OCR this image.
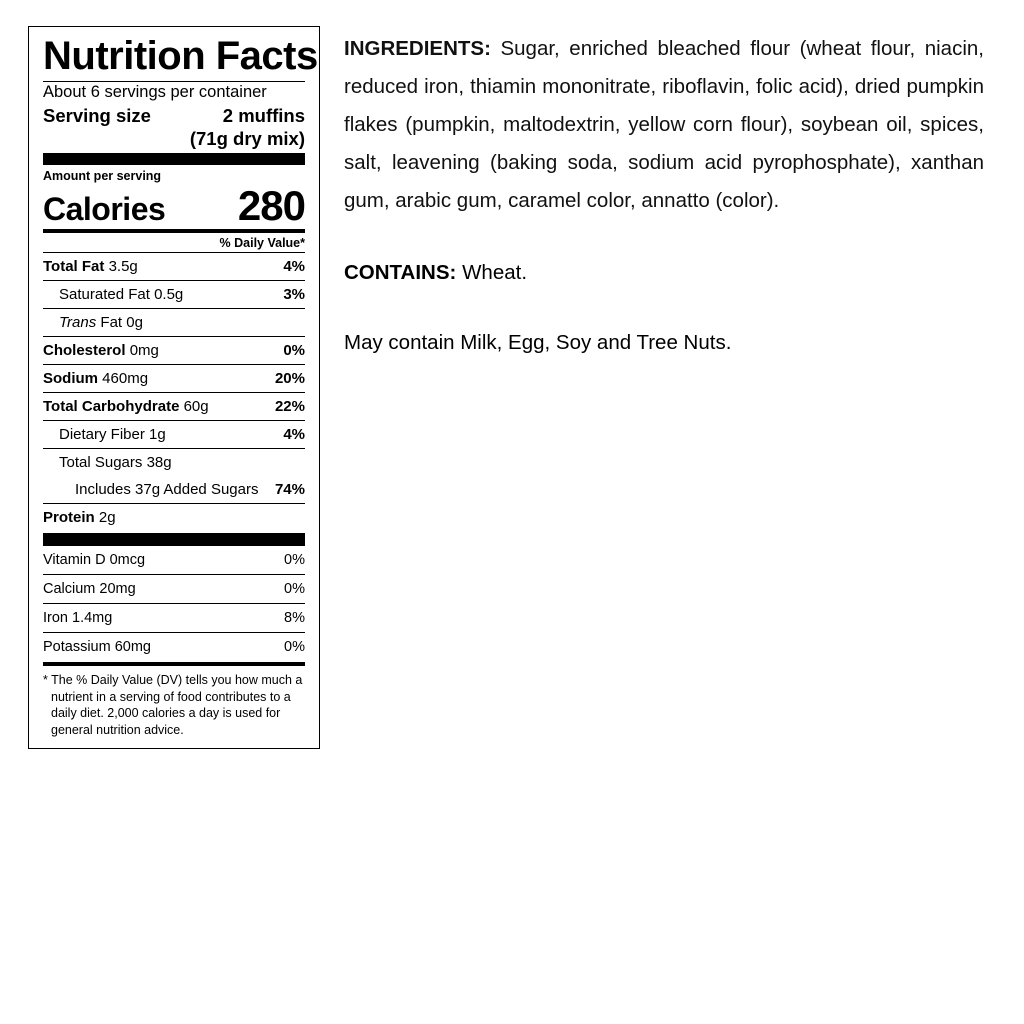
Nutrition Facts
About 6 servings per container
Serving size	2 muffins
(71g dry mix)
Amount per serving
Calories 280
% Daily Value*
Total Fat 3.5g	4%
Saturated Fat 0.5g	3%
Trans Fat 0g
Cholesterol 0mg	0%
Sodium 460mg	20%
Total Carbohydrate 60g	22%
Dietary Fiber 1g	4%
Total Sugars 38g
Includes 37g Added Sugars	74%
Protein 2g
Vitamin D 0mcg	0%
Calcium 20mg	0%
Iron 1.4mg	8%
Potassium 60mg	0%
* The % Daily Value (DV) tells you how much a nutrient in a serving of food contributes to a daily diet. 2,000 calories a day is used for general nutrition advice.
INGREDIENTS: Sugar, enriched bleached flour (wheat flour, niacin, reduced iron, thiamin mononitrate, riboflavin, folic acid), dried pumpkin flakes (pumpkin, maltodextrin, yellow corn flour), soybean oil, spices, salt, leavening (baking soda, sodium acid pyrophosphate), xanthan gum, arabic gum, caramel color, annatto (color).
CONTAINS: Wheat.
May contain Milk, Egg, Soy and Tree Nuts.
